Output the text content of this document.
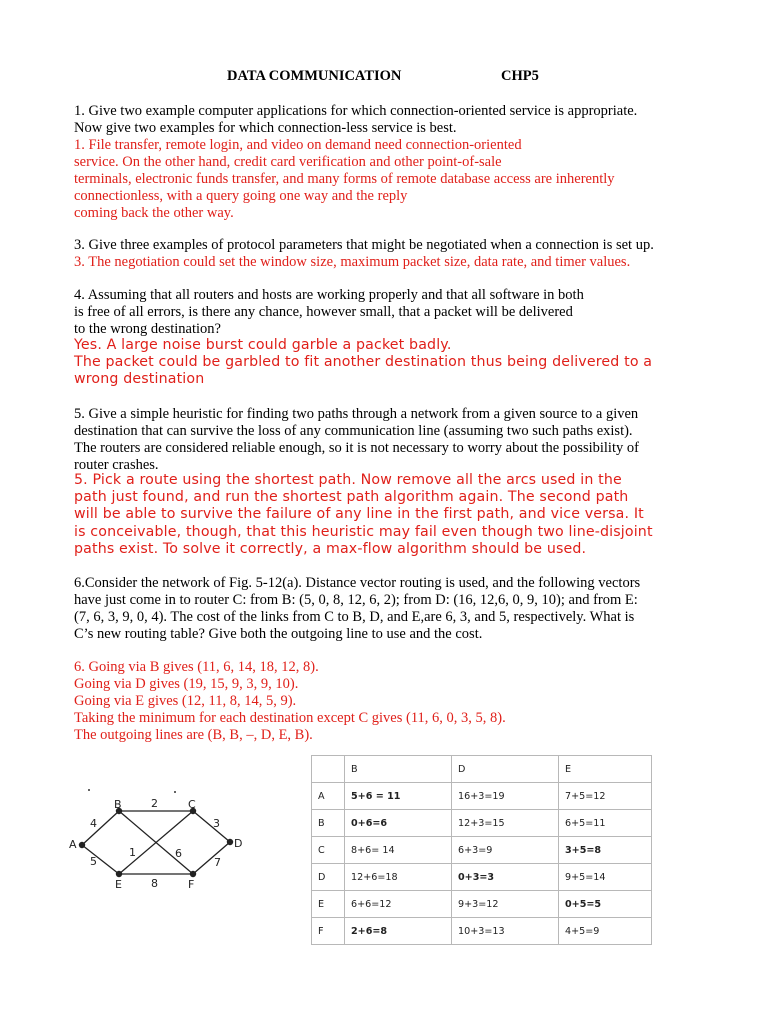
DATA COMMUNICATION	CHP5
1. Give two example computer applications for which connection-oriented service is appropriate.
Now give two examples for which connection-less service is best.
1. File transfer, remote login, and video on demand need connection-oriented
service. On the other hand, credit card verification and other point-of-sale
terminals, electronic funds transfer, and many forms of remote database access are inherently
connectionless, with a query going one way and the reply
coming back the other way.
3. Give three examples of protocol parameters that might be negotiated when a connection is set up.
3. The negotiation could set the window size, maximum packet size, data rate, and timer values.
4. Assuming that all routers and hosts are working properly and that all software in both
is free of all errors, is there any chance, however small, that a packet will be delivered
to the wrong destination?
Yes. A large noise burst could garble a packet badly.
The packet could be garbled to fit another destination thus being delivered to a
wrong destination
5. Give a simple heuristic for finding two paths through a network from a given source to a given
destination that can survive the loss of any communication line (assuming two such paths exist).
The routers are considered reliable enough, so it is not necessary to worry about the possibility of
router crashes.
5. Pick a route using the shortest path. Now remove all the arcs used in the
path just found, and run the shortest path algorithm again. The second path
will be able to survive the failure of any line in the first path, and vice versa. It
is conceivable, though, that this heuristic may fail even though two line-disjoint
paths exist. To solve it correctly, a max-flow algorithm should be used.
6.Consider the network of Fig. 5-12(a). Distance vector routing is used, and the following vectors
have just come in to router C: from B: (5, 0, 8, 12, 6, 2); from D: (16, 12,6, 0, 9, 10); and from E:
(7, 6, 3, 9, 0, 4). The cost of the links from C to B, D, and E,are 6, 3, and 5, respectively. What is
C’s new routing table? Give both the outgoing line to use and the cost.
6. Going via B gives (11, 6, 14, 18, 12, 8).
Going via D gives (19, 15, 9, 3, 9, 10).
Going via E gives (12, 11, 8, 14, 5, 9).
Taking the minimum for each destination except C gives (11, 6, 0, 3, 5, 8).
The outgoing lines are (B, B, –, D, E, B).
A
B	C
D
E	F
2
4	3
5
1	6
7
8
	B	D	E
A	5+6 = 11	16+3=19	7+5=12
B	0+6=6	12+3=15	6+5=11
C	8+6= 14	6+3=9	3+5=8
D	12+6=18	0+3=3	9+5=14
E	6+6=12	9+3=12	0+5=5
F	2+6=8	10+3=13	4+5=9
